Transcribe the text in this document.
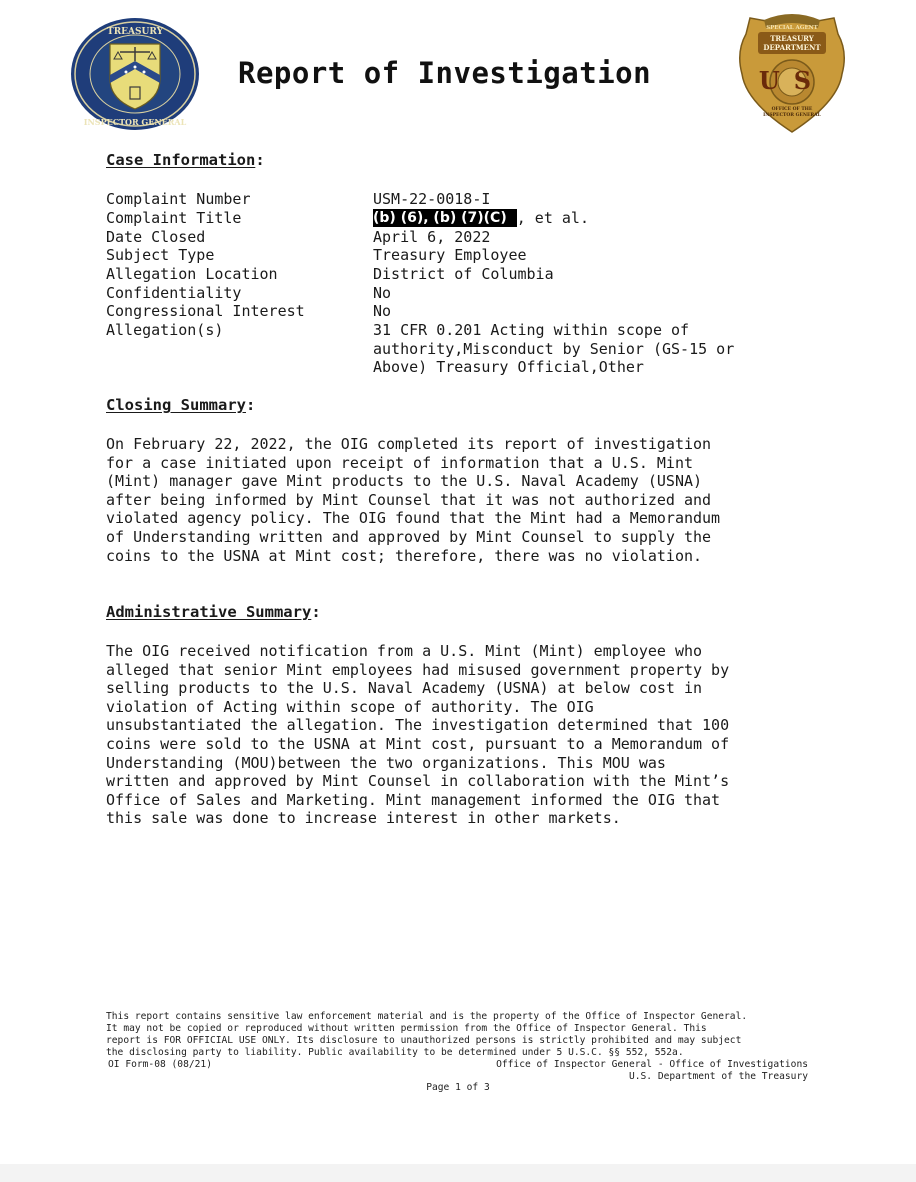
TREASURY
INSPECTOR GENERAL
Report of Investigation
SPECIAL AGENT
TREASURY
DEPARTMENT
US
OFFICE OF THE
INSPECTOR GENERAL
Case Information:
Complaint Number	USM-22-0018-I
Complaint Title	(b) (6), (b) (7)(C), et al.
Date Closed	April 6, 2022
Subject Type	Treasury Employee
Allegation Location	District of Columbia
Confidentiality	No
Congressional Interest	No
Allegation(s)	31 CFR 0.201 Acting within scope of
authority,Misconduct by Senior (GS-15 or
Above) Treasury Official,Other
Closing Summary:
On February 22, 2022, the OIG completed its report of investigation
for a case initiated upon receipt of information that a U.S. Mint
(Mint) manager gave Mint products to the U.S. Naval Academy (USNA)
after being informed by Mint Counsel that it was not authorized and
violated agency policy. The OIG found that the Mint had a Memorandum
of Understanding written and approved by Mint Counsel to supply the
coins to the USNA at Mint cost; therefore, there was no violation.
Administrative Summary:
The OIG received notification from a U.S. Mint (Mint) employee who
alleged that senior Mint employees had misused government property by
selling products to the U.S. Naval Academy (USNA) at below cost in
violation of Acting within scope of authority. The OIG
unsubstantiated the allegation. The investigation determined that 100
coins were sold to the USNA at Mint cost, pursuant to a Memorandum of
Understanding (MOU)between the two organizations. This MOU was
written and approved by Mint Counsel in collaboration with the Mint’s
Office of Sales and Marketing. Mint management informed the OIG that
this sale was done to increase interest in other markets.
This report contains sensitive law enforcement material and is the property of the Office of Inspector General.
It may not be copied or reproduced without written permission from the Office of Inspector General. This
report is FOR OFFICIAL USE ONLY. Its disclosure to unauthorized persons is strictly prohibited and may subject
the disclosing party to liability. Public availability to be determined under 5 U.S.C. §§ 552, 552a.
OI Form-08 (08/21)	Office of Inspector General - Office of Investigations
U.S. Department of the Treasury
Page 1 of 3
